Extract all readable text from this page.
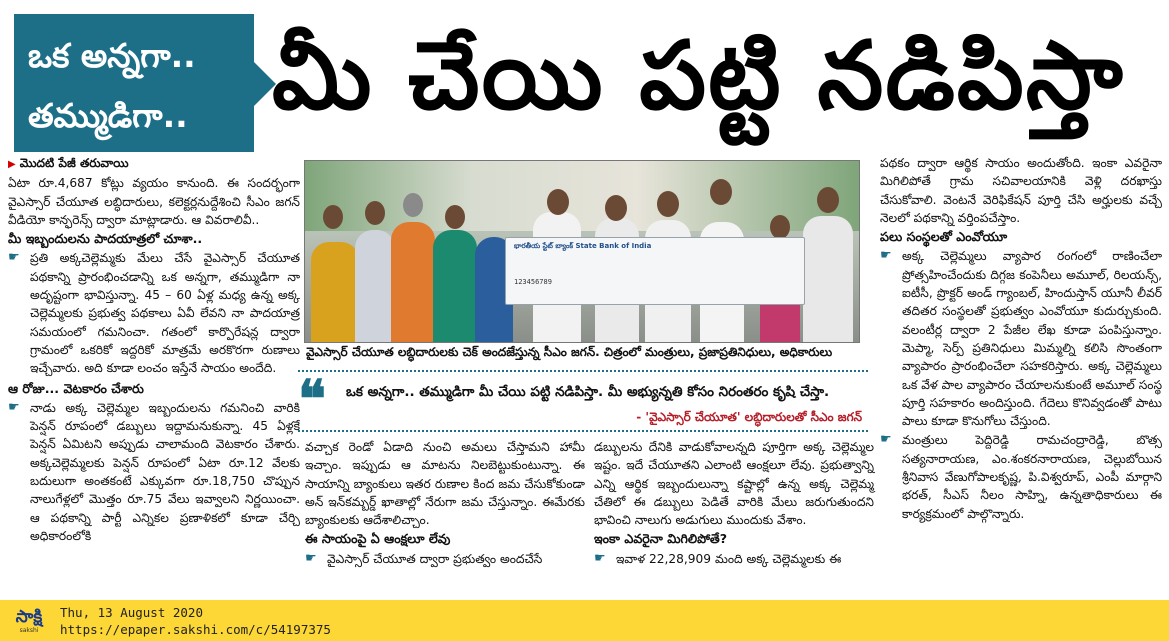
ఒక అన్నగా..
తమ్ముడిగా.. మీ చేయి పట్టి నడిపిస్తా
▶ మొదటి పేజీ తరువాయి

ఏటా రూ.4,687 కోట్లు వ్యయం కానుంది. ఈ సందర్భంగా వైఎస్సార్ చేయూత లబ్ధిదారులు, కలెక్టర్లనుద్దేశించి సీఎం జగన్ వీడియో కాన్ఫరెన్స్ ద్వారా మాట్లాడారు. ఆ వివరాలివీ..

మీ ఇబ్బందులను పాదయాత్రలో చూశా..
☛ ప్రతి అక్కచెల్లెమ్మకు మేలు చేసే వైఎస్సార్ చేయూత పథకాన్ని ప్రారంభించడాన్ని ఒక అన్నగా, తమ్ముడిగా నా అదృష్టంగా భావిస్తున్నా. 45 – 60 ఏళ్ల మధ్య ఉన్న అక్క చెల్లెమ్మలకు ప్రభుత్వ పథకాలు ఏవీ లేవని నా పాదయాత్ర సమయంలో గమనించా. గతంలో కార్పొరేషన్ల ద్వారా గ్రామంలో ఒకరికో ఇద్దరికో మాత్రమే అరకొరగా రుణాలు ఇచ్చేవారు. అది కూడా లంచం ఇస్తేనే సాయం అందేది.

ఆ రోజు... వెటకారం చేశారు
☛ నాడు అక్క చెల్లెమ్మల ఇబ్బందులను గమనించి వారికి పెన్షన్ రూపంలో డబ్బులు ఇద్దామనుకున్నా. 45 ఏళ్లకే పెన్షన్ ఏమిటని అప్పుడు చాలామంది వెటకారం చేశారు. అక్కచెల్లెమ్మలకు పెన్షన్ రూపంలో ఏటా రూ.12 వేలకు బదులుగా అంతకంటే ఎక్కువగా రూ.18,750 చొప్పున నాలుగేళ్లలో మొత్తం రూ.75 వేలు ఇవ్వాలని నిర్ణయించా. ఆ పథకాన్ని పార్టీ ఎన్నికల ప్రణాళికలో కూడా చేర్చి అధికారంలోకి

భారతీయ స్టేట్ బ్యాంక్ State Bank of India
123456789
వైఎస్సార్ చేయూత లబ్ధిదారులకు చెక్ అందజేస్తున్న సీఎం జగన్. చిత్రంలో మంత్రులు, ప్రజాప్రతినిధులు, అధికారులు
❝ ఒక అన్నగా.. తమ్ముడిగా మీ చేయి పట్టి నడిపిస్తా. మీ అభ్యున్నతి కోసం నిరంతరం కృషి చేస్తా.
- 'వైఎస్సార్ చేయూత' లబ్ధిదారులతో సీఎం జగన్

వచ్చాక రెండో ఏడాది నుంచి అమలు చేస్తామని హామీ ఇచ్చాం. ఇప్పుడు ఆ మాటను నిలబెట్టుకుంటున్నా. ఈ సాయాన్ని బ్యాంకులు ఇతర రుణాల కింద జమ చేసుకోకుండా అన్ ఇన్‌కమ్బర్డ్ ఖాతాల్లో నేరుగా జమ చేస్తున్నాం. ఈమేరకు బ్యాంకులకు ఆదేశాలిచ్చాం.

ఈ సాయంపై ఏ ఆంక్షలూ లేవు
☛ వైఎస్సార్ చేయూత ద్వారా ప్రభుత్వం అందచేసే

డబ్బులను దేనికి వాడుకోవాలన్నది పూర్తిగా అక్క చెల్లెమ్మల ఇష్టం. ఇదే చేయూతని ఎలాంటి ఆంక్షలూ లేవు. ప్రభుత్వాన్ని ఎన్ని ఆర్థిక ఇబ్బందులున్నా కష్టాల్లో ఉన్న అక్క చెల్లెమ్మ చేతిలో ఈ డబ్బులు పెడితే వారికి మేలు జరుగుతుందని భావించి నాలుగు అడుగులు ముందుకు వేశాం.

ఇంకా ఎవరైనా మిగిలిపోతే?
☛ ఇవాళ 22,28,909 మంది అక్క చెల్లెమ్మలకు ఈ

పథకం ద్వారా ఆర్థిక సాయం అందుతోంది. ఇంకా ఎవరైనా మిగిలిపోతే గ్రామ సచివాలయానికి వెళ్లి దరఖాస్తు చేసుకోవాలి. వెంటనే వెరిఫికేషన్ పూర్తి చేసి అర్హులకు వచ్చే నెలలో పథకాన్ని వర్తింపచేస్తాం.

పలు సంస్థలతో ఎంవోయూ
☛ అక్క చెల్లెమ్మలు వ్యాపార రంగంలో రాణించేలా ప్రోత్సహించేందుకు దిగ్గజ కంపెనీలు అమూల్, రిలయన్స్, ఐటీసీ, ప్రొక్టర్ అండ్ గ్యాంబల్, హిందుస్తాన్ యూనీ లీవర్ తదితర సంస్థలతో ప్రభుత్వం ఎంవోయూ కుదుర్చుకుంది. వలంటీర్ల ద్వారా 2 పేజీల లేఖ కూడా పంపిస్తున్నాం. మెప్మా, సెర్ప్ ప్రతినిధులు మిమ్మల్ని కలిసి సొంతంగా వ్యాపారం ప్రారంభించేలా సహకరిస్తారు. అక్క చెల్లెమ్మలు ఒక వేళ పాల వ్యాపారం చేయాలనుకుంటే అమూల్ సంస్థ పూర్తి సహకారం అందిస్తుంది. గేదెలు కొనివ్వడంతో పాటు పాలు కూడా కొనుగోలు చేస్తుంది.

☛ మంత్రులు పెద్దిరెడ్డి రామచంద్రారెడ్డి, బొత్స సత్యనారాయణ, ఎం.శంకరనారాయణ, చెల్లుబోయిన శ్రీనివాస వేణుగోపాలకృష్ణ, పి.విశ్వరూప్, ఎంపీ మార్గాని భరత్, సీఎస్ నీలం సాహ్ని, ఉన్నతాధికారులు ఈ కార్యక్రమంలో పాల్గొన్నారు.

సాక్షి
sakshi
Thu, 13 August 2020
https://epaper.sakshi.com/c/54197375
